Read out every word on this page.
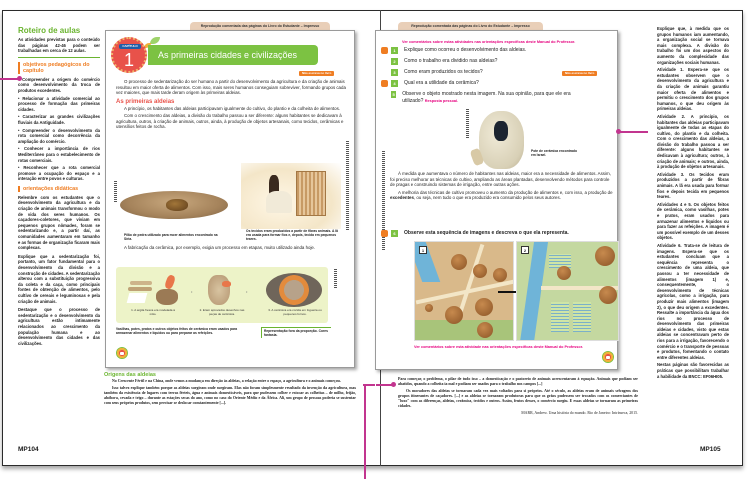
Roteiro de aulas

As atividades previstas para o conteúdo das páginas 42-46 podem ser trabalhadas em cerca de 12 aulas.

objetivos pedagógicos do capítulo
Compreender a origem do comércio como desenvolvimento da troca de produtos excedentes.
• Relacionar a atividade comercial ao processo de formação das primeiras cidades.
• Caracterizar as grandes civilizações fluviais da Antiguidade.
• Compreender o desenvolvimento da rota comercial como decorrência da ampliação do comércio.
• Conhecer a importância de rios Mediterrâneo para o estabelecimento de rotas comerciais.
• Reconhecer que a rota comercial promove a ocupação do espaço e a interação entre povos e culturas.
orientações didáticas

Relembre com os estudantes que o desenvolvimento da agricultura e da criação de animais transformou o modo de vida dos seres humanos. Os caçadores-coletores, que viviam em pequenos grupos nômades, foram se sedentarizando e, a partir daí, as comunidades aumentaram em tamanho e as formas de organização ficaram mais complexas.

Explique que a sedentarização foi, portanto, um fator fundamental para o desenvolvimento da divisão e a construção de cidades. A sedentarização alterou com a substituição progressiva da coleta e da caça, como principais fontes de obtenção de alimentos, pelo cultivo de cereais e leguminosas e pela criação de animais.

Destaque que o processo de sedentarização e o desenvolvimento da agricultura estão intimamente relacionados ao crescimento da população humana e ao desenvolvimento das cidades e das civilizações.

MP104
Reprodução comentada das páginas do Livro do Estudante – Impresso
As primeiras cidades e civilizações
CAPÍTULO
1
Não escreva no livro

O processo de sedentarização do ser humano a partir do desenvolvimento da agricultura e da criação de animais resultou em maior oferta de alimentos. Com isso, mais seres humanos conseguiam sobreviver, formando grupos cada vez maiores, que mais tarde deram origem às primeiras aldeias.

As primeiras aldeias

A princípio, os habitantes das aldeias participavam igualmente do cultivo, do plantio e da colheita de alimentos.

Com o crescimento das aldeias, a divisão do trabalho passou a ser diferente: alguns habitantes se dedicavam à agricultura, outros, à criação de animais, outros, ainda, à produção de objetos artesanais, como tecidos, cerâmicas e utensílios feitos de rocha.

Pilão de pedra utilizado para moer alimentos encontrado na Síria.
Os tecidos eram produzidos a partir de fibras animais. A lã era usada para formar fios e, depois, tecida em pequenos teares.

A fabricação da cerâmica, por exemplo, exigia um processo em etapas, muito utilizado ainda hoje.

•	•
1. A argila fresca era modelada à mão.
2. Eram aprovados desenhos nas peças de cerâmica.
3. A cerâmica era cozida em fogueira ou pequenos fornos.
Vasilhas, potes, pratos e outros objetos feitos de cerâmica eram usados para armazenar alimentos e líquidos ou para preparar as refeições.
Representação fora da proporção. Cores fantasia.
Origens das aldeias

No Crescente Fértil e na China, onde vemos a mudança em direção às aldeias, a relação entre o espaço, a agricultura e o animais começou.

Isso talvez explique também porque as aldeias surgiram onde surgiram. Elas não foram simplesmente resultado da invenção da agricultura, mas também da existência de lugares com terras férteis, água e animais domesticáveis, para que pudessem colher e estocar as colheitas – de milho, feijão, abóbora, cevada e trigo – durante as estações secas do ano, como no caso do Oriente Médio e da África. Ali, um grupo de pessoas poderia se sustentar com seus próprios produtos, sem precisar se deslocar constantemente [...].

Reprodução comentada das páginas do Livro do Estudante – Impresso
Ver comentários sobre estas atividades nas orientações específicas deste Manual do Professor.
1	Explique como ocorreu o desenvolvimento das aldeias.
2	Como o trabalho era dividido nas aldeias?
3	Como eram produzidos os tecidos?	Não escreva no livro
4	Qual era a utilidade da cerâmica?
5	Observe o objeto mostrado nesta imagem. Na sua opinião, para que ele era utilizado? Resposta pessoal.
Pote de cerâmica encontrado em Israel.

À medida que aumentava o número de habitantes nas aldeias, maior era a necessidade de alimentos. Assim, foi preciso melhorar as técnicas de cultivo, ampliando as áreas plantadas, desenvolvendo métodos para controle de pragas e construindo sistemas de irrigação, entre outras ações.

A melhoria das técnicas de cultivo promoveu o aumento da produção de alimentos e, com isso, a produção de excedentes, ou seja, nem tudo o que era produzido era consumido pelos seus autores.

6	Observe esta sequência de imagens e descreva o que ela representa.
1	2
Ver comentários sobre esta atividade nas orientações específicas deste Manual do Professor.

Para começar, o problema, o pilar de tudo isso – a domesticação e o pastoreio de animais acrescentaram à equação. Animais que podiam ser abatidos, quando a colheita ia mal e podiam ser usados para o trabalho nos campos [...]

Os moradores das aldeias se tornaram cada vez mais voltados para si próprios. Até o século, as aldeias eram de animais selvagens dos grupos itinerantes de caçadores. [...] e as aldeias se tornaram produtoras para que os grãos pudessem ser trocados com os comerciantes de "luxo" com as diferenças, aldeias, cerâmica, tecidos e outros. Assim, frutos desses, o comércio surgiu. E essas aldeias se tornaram as primeiras cidades.

MARR, Andrew. Uma história do mundo. Rio de Janeiro: Intrínseca, 2015.

Explique que, à medida que os grupos humanos iam aumentando, a organização social se tornava mais complexa. A divisão do trabalho foi um dos aspectos do aumento da complexidade das organizações sociais humanas.

Atividade 1. Espera-se que os estudantes observem que o desenvolvimento da agricultura e da criação de animais garantiu maior oferta de alimentos e permitiu o crescimento dos grupos humanos, o que deu origem às primeiras aldeias.

Atividade 2. A princípio, os habitantes das aldeias participavam igualmente de todas as etapas do cultivo, do plantio e da colheita. Com o crescimento das aldeias, a divisão do trabalho passou a ser diferente: alguns habitantes se dedicavam à agricultura; outros, à criação de animais; e outros, ainda, à produção de objetos artesanais.

Atividade 3. Os tecidos eram produzidos a partir de fibras animais. A lã era usada para formar fios e depois tecida em pequenos teares.

Atividades 4 e 5. Os objetos feitos de cerâmica, como vasilhas, potes e pratos, eram usados para armazenar alimentos e líquidos ou para fazer as refeições. A imagem é um possível exemplo de um desses objetos.

Atividade 6. Trata-se de leitura de imagens. Espera-se que os estudantes concluam que a sequência representa o crescimento de uma aldeia, que passou a ter necessidade de alimentos (imagem 1) e, consequentemente, o desenvolvimento de técnicas agrícolas, como a irrigação, para produzir mais alimentos (imagem 2), o que deu origem a excedentes. Ressalte a importância da água dos rios no processo de desenvolvimento das primeiras aldeias e cidades, visto que estas aldeias se concentravam perto de rios para a irrigação, favorecendo o comércio e o transporte de pessoas e produtos, fomentando o contato entre diferentes aldeias.

Nestas páginas são favorecidas as práticas que possibilitam trabalhar a habilidade da BNCC: EF06HI05.

MP105
